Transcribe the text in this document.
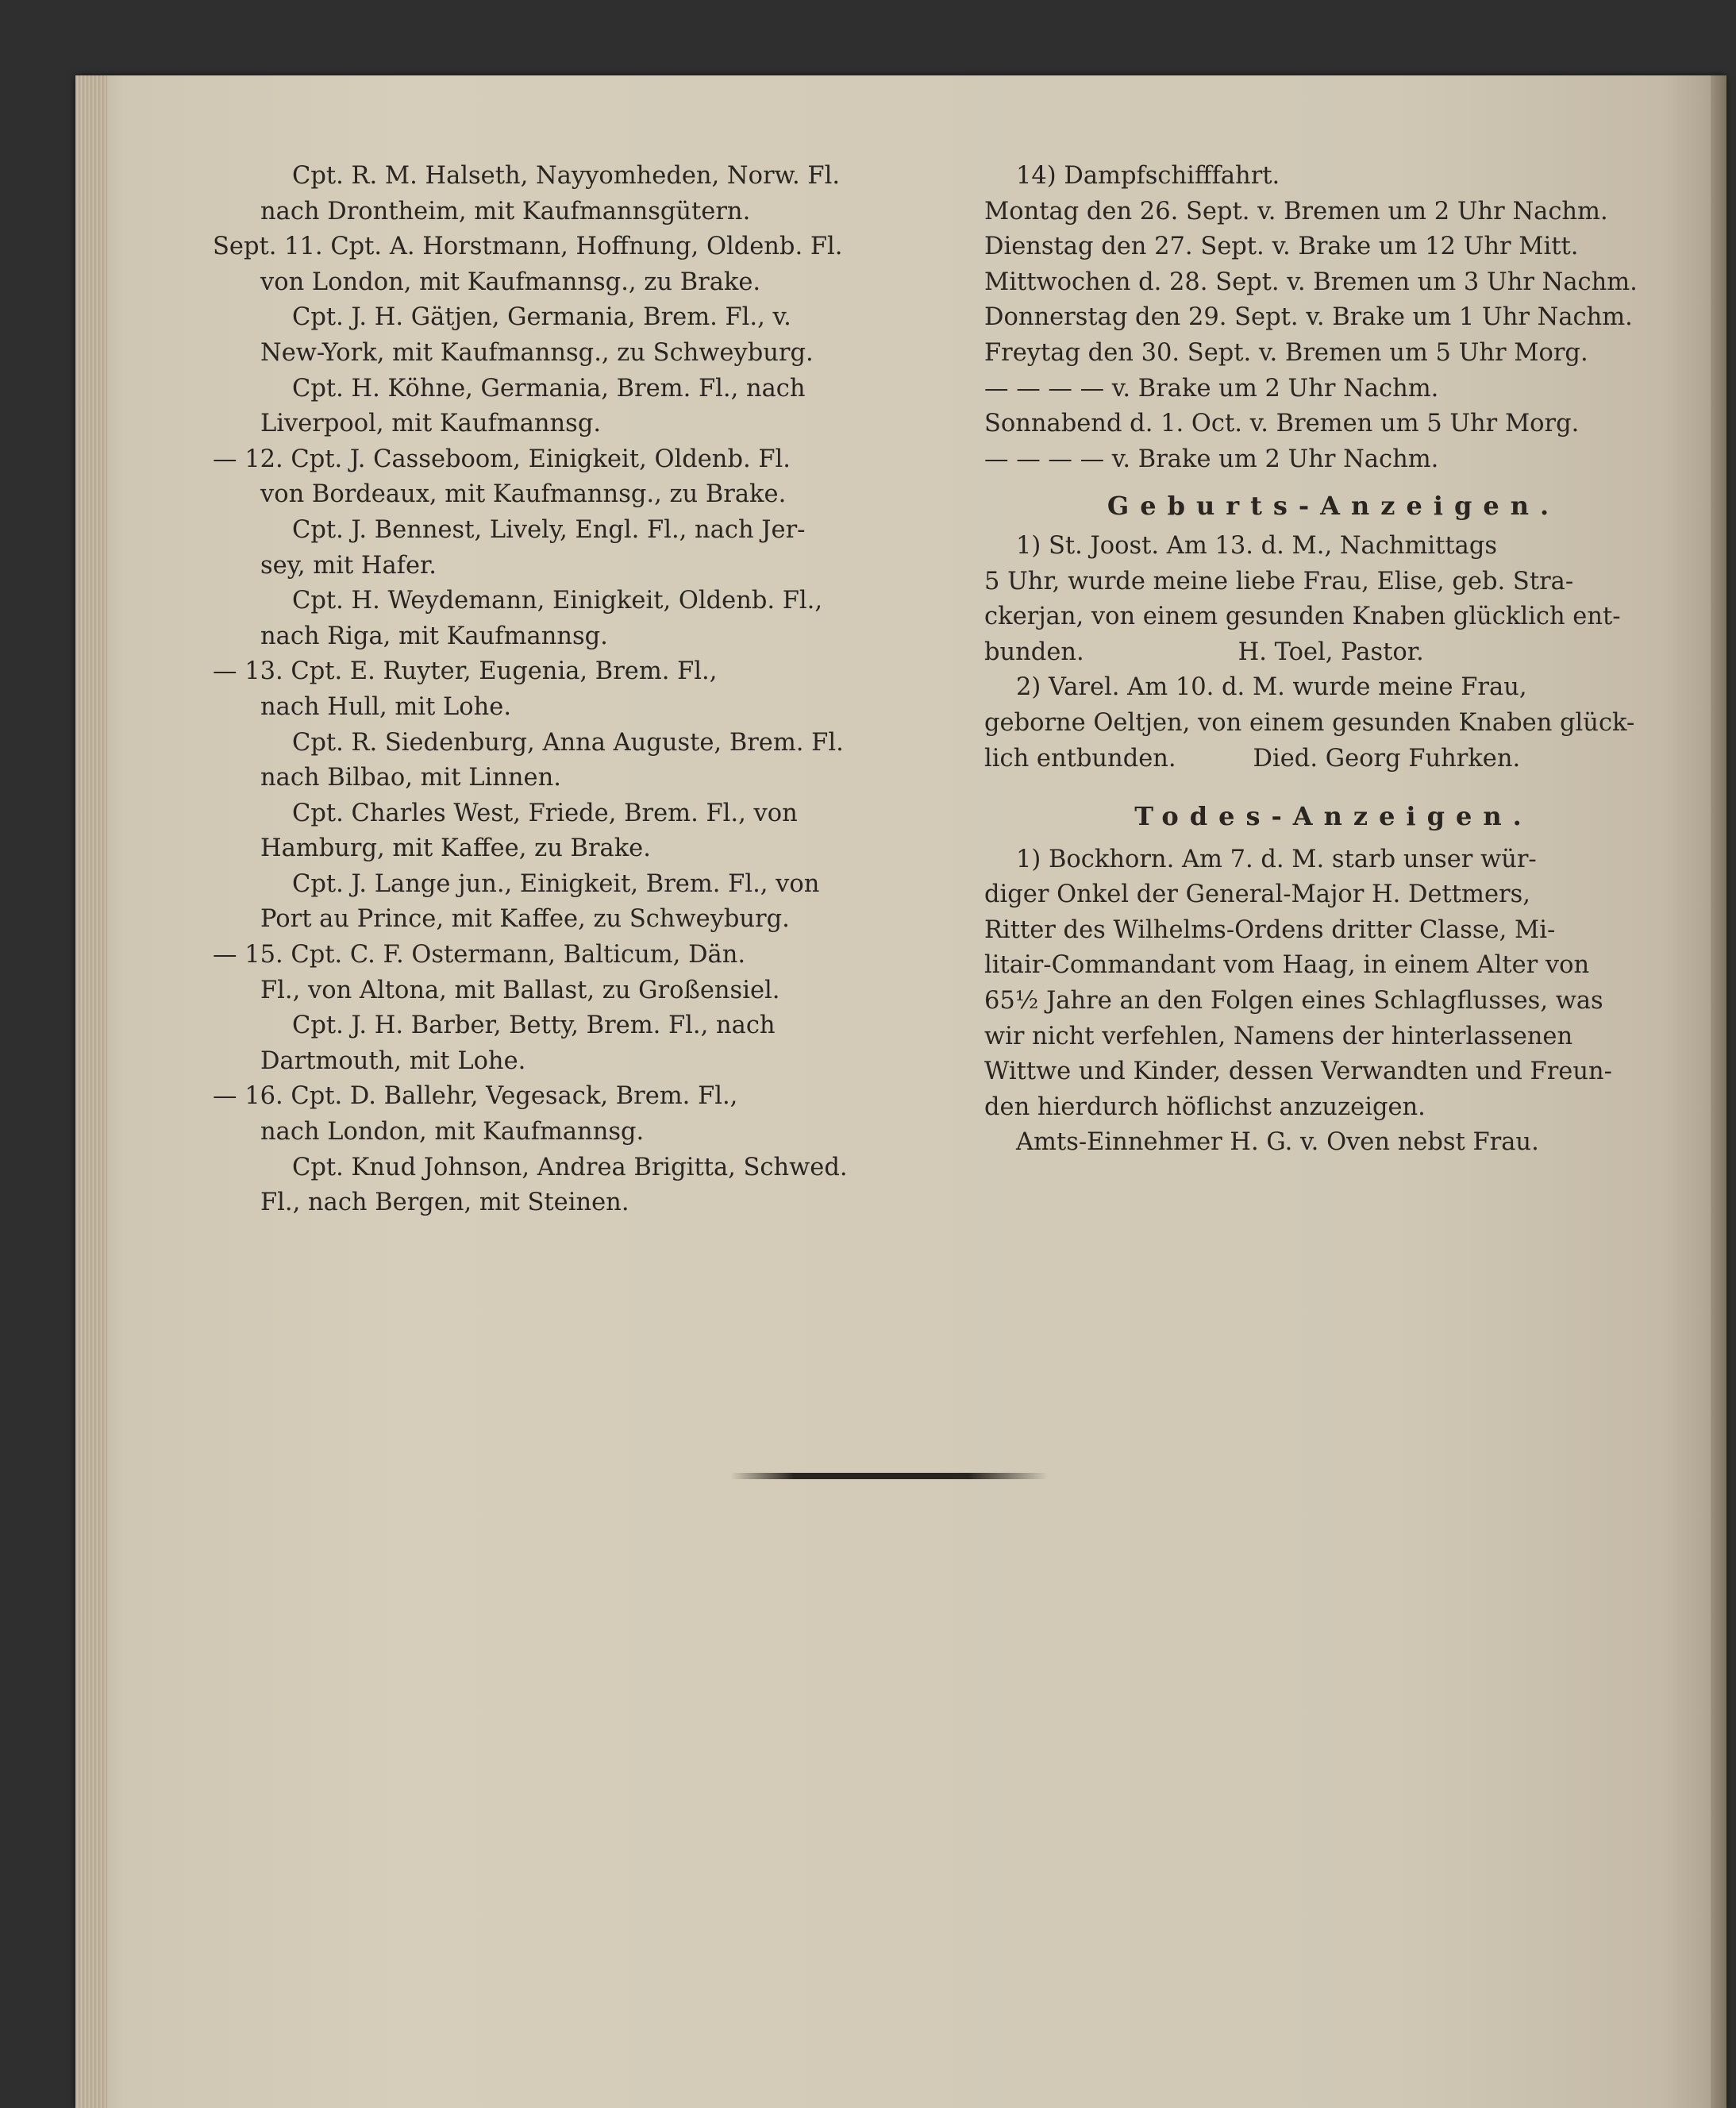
Cpt. R. M. Halseth, Nayyomheden, Norw. Fl.
nach Drontheim, mit Kaufmannsgütern.
Sept. 11. Cpt. A. Horstmann, Hoffnung, Oldenb. Fl.
von London, mit Kaufmannsg., zu Brake.
Cpt. J. H. Gätjen, Germania, Brem. Fl., v.
New-York, mit Kaufmannsg., zu Schweyburg.
Cpt. H. Köhne, Germania, Brem. Fl., nach
Liverpool, mit Kaufmannsg.
— 12. Cpt. J. Casseboom, Einigkeit, Oldenb. Fl.
von Bordeaux, mit Kaufmannsg., zu Brake.
Cpt. J. Bennest, Lively, Engl. Fl., nach Jer-
sey, mit Hafer.
Cpt. H. Weydemann, Einigkeit, Oldenb. Fl.,
nach Riga, mit Kaufmannsg.
— 13. Cpt. E. Ruyter, Eugenia, Brem. Fl.,
nach Hull, mit Lohe.
Cpt. R. Siedenburg, Anna Auguste, Brem. Fl.
nach Bilbao, mit Linnen.
Cpt. Charles West, Friede, Brem. Fl., von
Hamburg, mit Kaffee, zu Brake.
Cpt. J. Lange jun., Einigkeit, Brem. Fl., von
Port au Prince, mit Kaffee, zu Schweyburg.
— 15. Cpt. C. F. Ostermann, Balticum, Dän.
Fl., von Altona, mit Ballast, zu Großensiel.
Cpt. J. H. Barber, Betty, Brem. Fl., nach
Dartmouth, mit Lohe.
— 16. Cpt. D. Ballehr, Vegesack, Brem. Fl.,
nach London, mit Kaufmannsg.
Cpt. Knud Johnson, Andrea Brigitta, Schwed.
Fl., nach Bergen, mit Steinen.
14) Dampfschifffahrt.
Montag den 26. Sept. v. Bremen um 2 Uhr Nachm.
Dienstag den 27. Sept. v. Brake um 12 Uhr Mitt.
Mittwochen d. 28. Sept. v. Bremen um 3 Uhr Nachm.
Donnerstag den 29. Sept. v. Brake um 1 Uhr Nachm.
Freytag den 30. Sept. v. Bremen um 5 Uhr Morg.
— — — — v. Brake um 2 Uhr Nachm.
Sonnabend d. 1. Oct. v. Bremen um 5 Uhr Morg.
— — — — v. Brake um 2 Uhr Nachm.
Geburts-Anzeigen.
1) St. Joost. Am 13. d. M., Nachmittags
5 Uhr, wurde meine liebe Frau, Elise, geb. Stra-
ckerjan, von einem gesunden Knaben glücklich ent-
bunden.                    H. Toel, Pastor.
2) Varel. Am 10. d. M. wurde meine Frau,
geborne Oeltjen, von einem gesunden Knaben glück-
lich entbunden.          Died. Georg Fuhrken.
Todes-Anzeigen.
1) Bockhorn. Am 7. d. M. starb unser wür-
diger Onkel der General-Major H. Dettmers,
Ritter des Wilhelms-Ordens dritter Classe, Mi-
litair-Commandant vom Haag, in einem Alter von
65½ Jahre an den Folgen eines Schlagflusses, was
wir nicht verfehlen, Namens der hinterlassenen
Wittwe und Kinder, dessen Verwandten und Freun-
den hierdurch höflichst anzuzeigen.
Amts-Einnehmer H. G. v. Oven nebst Frau.
